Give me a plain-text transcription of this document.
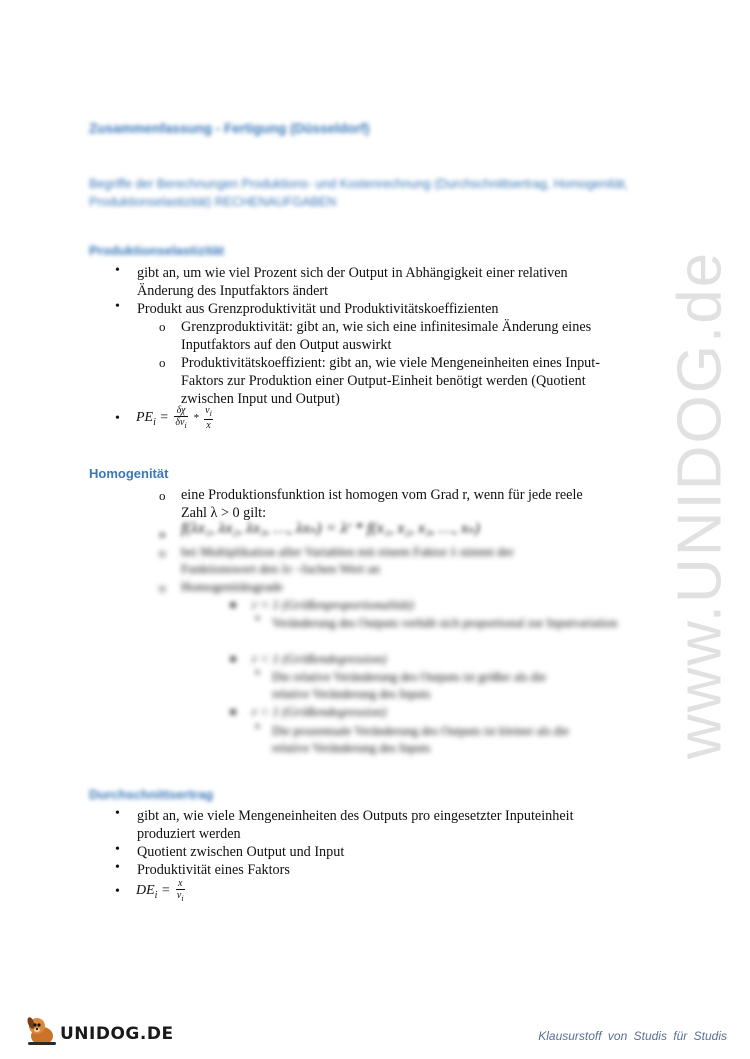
www.UNIDOG.de
Zusammenfassung - Fertigung (Düsseldorf)
Begriffe der Berechnungen Produktions- und Kostenrechnung (Durchschnittsertrag, Homogenität, Produktionselastizität) RECHENAUFGABEN
Produktionselastizität
• gibt an, um wie viel Prozent sich der Output in Abhängigkeit einer relativen
Änderung des Inputfaktors ändert
• Produkt aus Grenzproduktivität und Produktivitätskoeffizienten
o Grenzproduktivität: gibt an, wie sich eine infinitesimale Änderung eines
Inputfaktors auf den Output auswirkt
o Produktivitätskoeffizient: gibt an, wie viele Mengeneinheiten eines Input-
Faktors zur Produktion einer Output-Einheit benötigt werden (Quotient
zwischen Input und Output)
• $PE_i = \frac{\delta\chi}{\delta v_i} * \frac{v_i}{x}$
Homogenität
o eine Produktionsfunktion ist homogen vom Grad r, wenn für jede reele
Zahl λ > 0 gilt:
o f(λx₁, λx₂, λx₃, …, λxₙ) = λʳ * f(x₁, x₂, x₃, …, xₙ)
o bei Multiplikation aller Variablen mit einem Faktor λ nimmt der
Funktionswert den λr –fachen Wert an
o Homogenitätsgrade
■ r = 1 (Größenproportionalität)
• Veränderung des Outputs verhält sich proportional zur Inputvariation
■ r < 1 (Größendegression)
• Die relative Veränderung des Outputs ist größer als die
relative Veränderung des Inputs
■ r > 1 (Größendegression)
• Die prozentuale Veränderung des Outputs ist kleiner als die
relative Veränderung des Inputs
Durchschnittsertrag
• gibt an, wie viele Mengeneinheiten des Outputs pro eingesetzter Inputeinheit
produziert werden
• Quotient zwischen Output und Input
• Produktivität eines Faktors
• $DE_i = \frac{x}{v_i}$
UNIDOG.DE	Klausurstoff von Studis für Studis
